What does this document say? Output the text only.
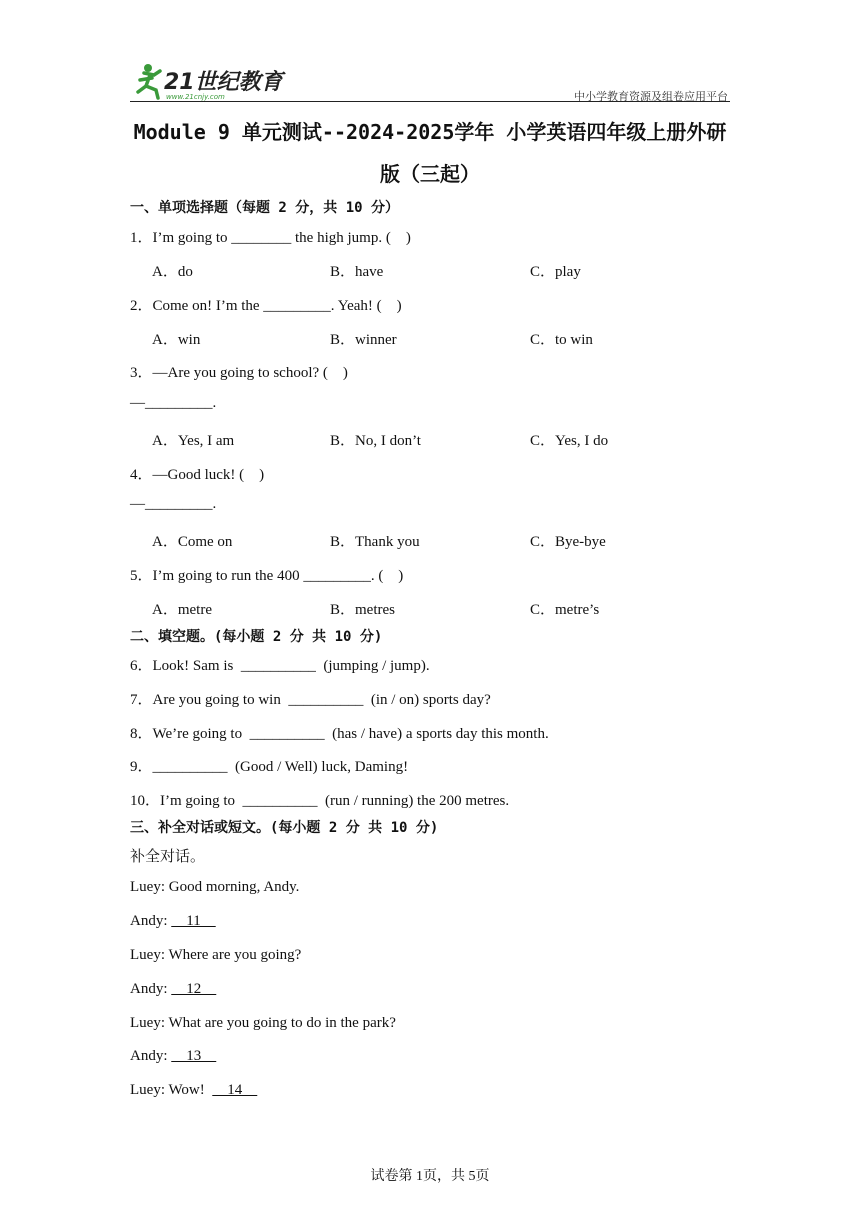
21世纪教育
www.21cnjy.com	中小学教育资源及组卷应用平台
Module 9 单元测试--2024-2025学年 小学英语四年级上册外研
版（三起）
一、单项选择题（每题 2 分，共 10 分）
1．I’m going to ________ the high jump. (    )
A．do	B．have	C．play
2．Come on! I’m the _________. Yeah! (    )
A．win	B．winner	C．to win
3．—Are you going to school? (    )
—_________.
A．Yes, I am	B．No, I don’t	C．Yes, I do
4．—Good luck! (    )
—_________.
A．Come on	B．Thank you	C．Bye-bye
5．I’m going to run the 400 _________. (    )
A．metre	B．metres	C．metre’s
二、填空题。(每小题 2 分 共 10 分)
6．Look! Sam is  __________  (jumping / jump).
7．Are you going to win  __________  (in / on) sports day?
8．We’re going to  __________  (has / have) a sports day this month.
9．__________  (Good / Well) luck, Daming!
10．I’m going to  __________  (run / running) the 200 metres.
三、补全对话或短文。(每小题 2 分 共 10 分)
补全对话。
Luey: Good morning, Andy.
Andy:     11
Luey: Where are you going?
Andy:     12
Luey: What are you going to do in the park?
Andy:     13
Luey: Wow!      14
试卷第 1页，共 5页
